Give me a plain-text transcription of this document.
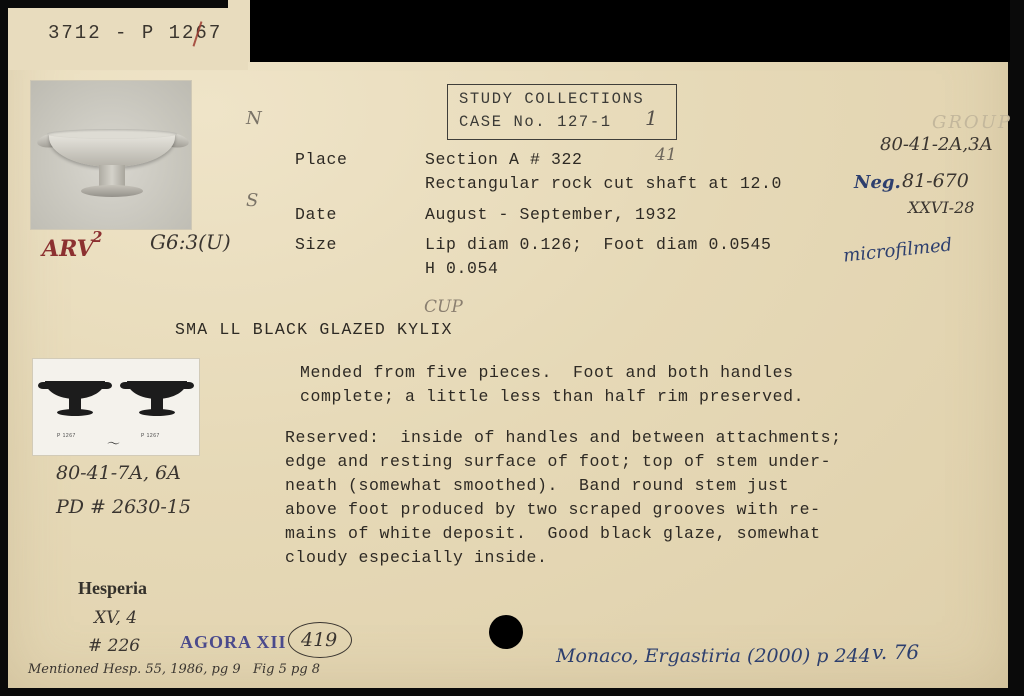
3712 - P 1267
P 1267	P 1267
〜
STUDY COLLECTIONS
CASE No. 127-1 1
Place	Section A # 322
Rectangular rock cut shaft at 12.0
Date	August - September, 1932
Size	Lip diam 0.126;  Foot diam 0.0545
H 0.054
SMA LL BLACK GLAZED KYLIX
Mended from five pieces.  Foot and both handles
complete; a little less than half rim preserved.
Reserved:  inside of handles and between attachments;
edge and resting surface of foot; top of stem under-
neath (somewhat smoothed).  Band round stem just
above foot produced by two scraped grooves with re-
mains of white deposit.  Good black glaze, somewhat
cloudy especially inside.
ARV
2 G6:3(U)
N
S
41
CUP
GROUP
80-41-2A,3A
Neg. 81-670
XXVI-28
microfilmed
80-41-7A, 6A
PD # 2630-15
Hesperia
XV, 4
# 226 AGORA XII 419
Mentioned Hesp. 55, 1986, pg 9   Fig 5 pg 8
Monaco, Ergastiria (2000) p 244 v. 76
